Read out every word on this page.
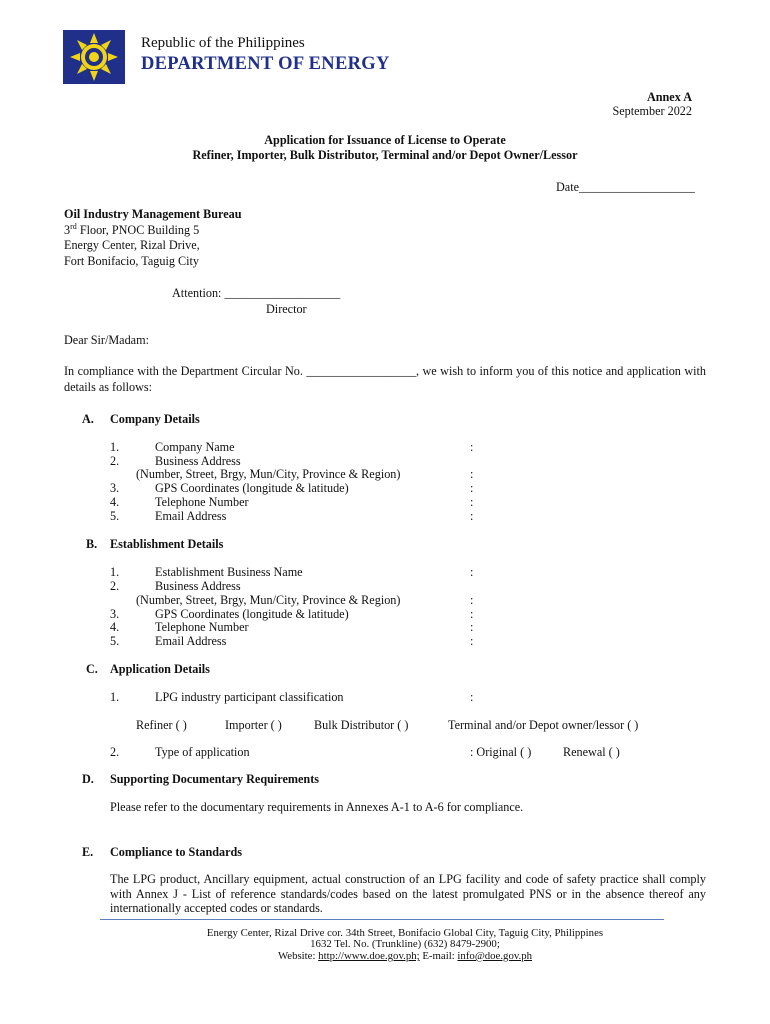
Republic of the Philippines
DEPARTMENT OF ENERGY
Annex A
September 2022
Application for Issuance of License to Operate
Refiner, Importer, Bulk Distributor, Terminal and/or Depot Owner/Lessor
Date___________________
Oil Industry Management Bureau
3rd Floor, PNOC Building 5
Energy Center, Rizal Drive,
Fort Bonifacio, Taguig City
Attention: ___________________
Director
Dear Sir/Madam:
In compliance with the Department Circular No. __________________, we wish to inform you of this notice and application with details as follows:
A. Company Details
1.	Company Name	:
2.	Business Address
(Number, Street, Brgy, Mun/City, Province & Region)	:
3.	GPS Coordinates (longitude & latitude)	:
4.	Telephone Number	:
5.	Email Address	:
B. Establishment Details
1.	Establishment Business Name	:
2.	Business Address
(Number, Street, Brgy, Mun/City, Province & Region)	:
3.	GPS Coordinates (longitude & latitude)	:
4.	Telephone Number	:
5.	Email Address	:
C. Application Details
1.	LPG industry participant classification	:
Refiner ( )	Importer ( )	Bulk Distributor ( )	Terminal and/or Depot owner/lessor ( )
2.	Type of application	: Original ( )	Renewal ( )
D. Supporting Documentary Requirements
Please refer to the documentary requirements in Annexes A-1 to A-6 for compliance.
E. Compliance to Standards
The LPG product, Ancillary equipment, actual construction of an LPG facility and code of safety practice shall comply with Annex J - List of reference standards/codes based on the latest promulgated PNS or in the absence thereof any internationally accepted codes or standards.
Energy Center, Rizal Drive cor. 34th Street, Bonifacio Global City, Taguig City, Philippines
1632 Tel. No. (Trunkline) (632) 8479-2900;
Website: http://www.doe.gov.ph; E-mail: info@doe.gov.ph
